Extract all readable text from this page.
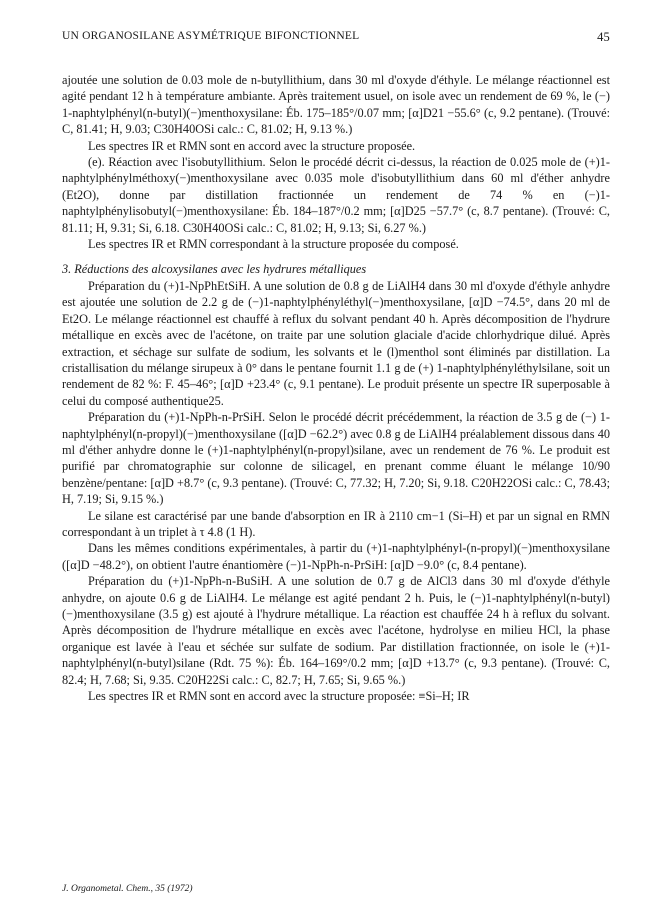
UN ORGANOSILANE ASYMÉTRIQUE BIFONCTIONNEL	45

ajoutée une solution de 0.03 mole de n-butyllithium, dans 30 ml d'oxyde d'éthyle. Le mélange réactionnel est agité pendant 12 h à température ambiante. Après traitement usuel, on isole avec un rendement de 69 %, le (−) 1-naphtylphényl(n-butyl)(−)menthoxysilane: Éb. 175–185°/0.07 mm; [α]D21 −55.6° (c, 9.2 pentane). (Trouvé: C, 81.41; H, 9.03; C30H40OSi calc.: C, 81.02; H, 9.13 %.)

Les spectres IR et RMN sont en accord avec la structure proposée.

(e). Réaction avec l'isobutyllithium. Selon le procédé décrit ci-dessus, la réaction de 0.025 mole de (+)1-naphtylphénylméthoxy(−)menthoxysilane avec 0.035 mole d'isobutyllithium dans 60 ml d'éther anhydre (Et2O), donne par distillation fractionnée un rendement de 74 % en (−)1-naphtylphénylisobutyl(−)menthoxysilane: Éb. 184–187°/0.2 mm; [α]D25 −57.7° (c, 8.7 pentane). (Trouvé: C, 81.11; H, 9.31; Si, 6.18. C30H40OSi calc.: C, 81.02; H, 9.13; Si, 6.27 %.)

Les spectres IR et RMN correspondant à la structure proposée du composé.

3. Réductions des alcoxysilanes avec les hydrures métalliques

Préparation du (+)1-NpPhEtSiH. A une solution de 0.8 g de LiAlH4 dans 30 ml d'oxyde d'éthyle anhydre est ajoutée une solution de 2.2 g de (−)1-naphtylphényléthyl(−)menthoxysilane, [α]D −74.5°, dans 20 ml de Et2O. Le mélange réactionnel est chauffé à reflux du solvant pendant 40 h. Après décomposition de l'hydrure métallique en excès avec de l'acétone, on traite par une solution glaciale d'acide chlorhydrique dilué. Après extraction, et séchage sur sulfate de sodium, les solvants et le (l)menthol sont éliminés par distillation. La cristallisation du mélange sirupeux à 0° dans le pentane fournit 1.1 g de (+) 1-naphtylphényléthylsilane, soit un rendement de 82 %: F. 45–46°; [α]D +23.4° (c, 9.1 pentane). Le produit présente un spectre IR superposable à celui du composé authentique25.

Préparation du (+)1-NpPh-n-PrSiH. Selon le procédé décrit précédemment, la réaction de 3.5 g de (−) 1-naphtylphényl(n-propyl)(−)menthoxysilane ([α]D −62.2°) avec 0.8 g de LiAlH4 préalablement dissous dans 40 ml d'éther anhydre donne le (+)1-naphtylphényl(n-propyl)silane, avec un rendement de 76 %. Le produit est purifié par chromatographie sur colonne de silicagel, en prenant comme éluant le mélange 10/90 benzène/pentane: [α]D +8.7° (c, 9.3 pentane). (Trouvé: C, 77.32; H, 7.20; Si, 9.18. C20H22OSi calc.: C, 78.43; H, 7.19; Si, 9.15 %.)

Le silane est caractérisé par une bande d'absorption en IR à 2110 cm−1 (Si–H) et par un signal en RMN correspondant à un triplet à τ 4.8 (1 H).

Dans les mêmes conditions expérimentales, à partir du (+)1-naphtylphényl-(n-propyl)(−)menthoxysilane ([α]D −48.2°), on obtient l'autre énantiomère (−)1-NpPh-n-PrSiH: [α]D −9.0° (c, 8.4 pentane).

Préparation du (+)1-NpPh-n-BuSiH. A une solution de 0.7 g de AlCl3 dans 30 ml d'oxyde d'éthyle anhydre, on ajoute 0.6 g de LiAlH4. Le mélange est agité pendant 2 h. Puis, le (−)1-naphtylphényl(n-butyl)(−)menthoxysilane (3.5 g) est ajouté à l'hydrure métallique. La réaction est chauffée 24 h à reflux du solvant. Après décomposition de l'hydrure métallique en excès avec l'acétone, hydrolyse en milieu HCl, la phase organique est lavée à l'eau et séchée sur sulfate de sodium. Par distillation fractionnée, on isole le (+)1-naphtylphényl(n-butyl)silane (Rdt. 75 %): Éb. 164–169°/0.2 mm; [α]D +13.7° (c, 9.3 pentane). (Trouvé: C, 82.4; H, 7.68; Si, 9.35. C20H22Si calc.: C, 82.7; H, 7.65; Si, 9.65 %.)

Les spectres IR et RMN sont en accord avec la structure proposée: ≡Si–H; IR

J. Organometal. Chem., 35 (1972)
